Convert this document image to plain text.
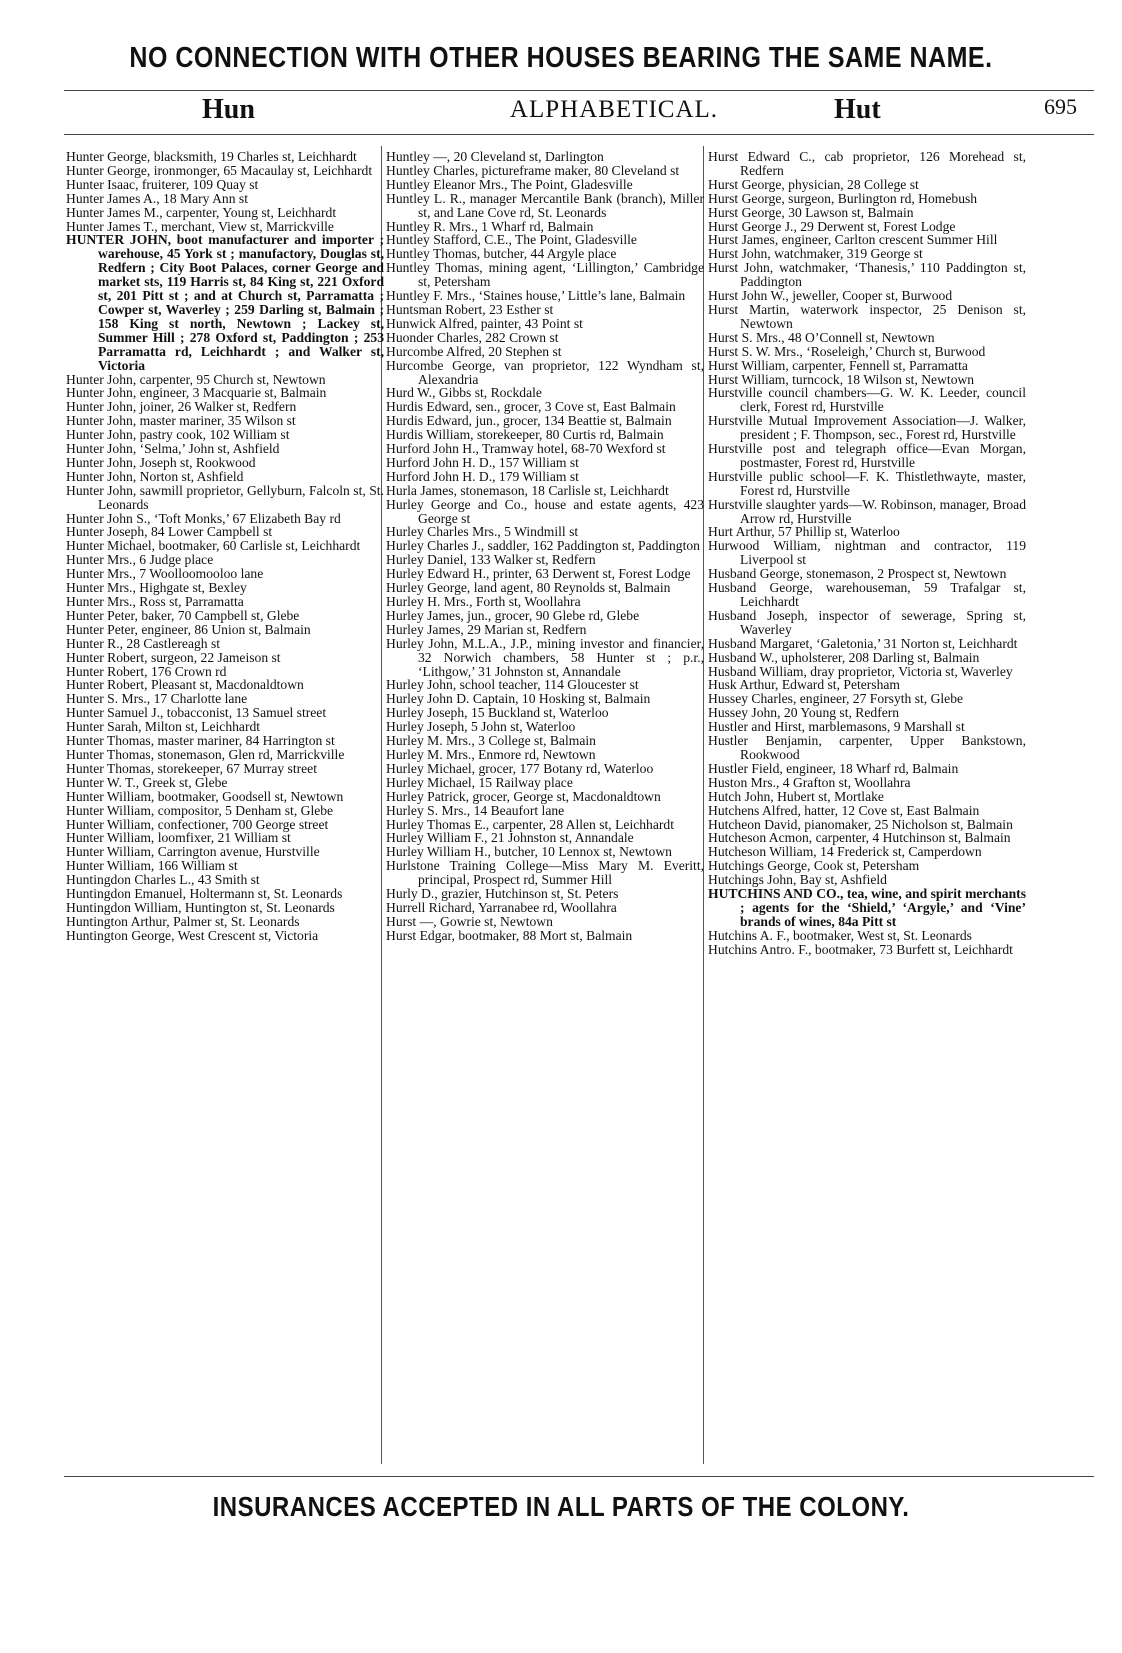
NO CONNECTION WITH OTHER HOUSES BEARING THE SAME NAME.
Hun	ALPHABETICAL.	Hut	695
Hunter George, blacksmith, 19 Charles st, Leichhardt
Hunter George, ironmonger, 65 Macaulay st, Leichhardt
Hunter Isaac, fruiterer, 109 Quay st
Hunter James A., 18 Mary Ann st
Hunter James M., carpenter, Young st, Leichhardt
Hunter James T., merchant, View st, Marrickville
HUNTER JOHN, boot manufacturer and importer ; warehouse, 45 York st ; manufactory, Douglas st, Redfern ; City Boot Palaces, corner George and market sts, 119 Harris st, 84 King st, 221 Oxford st, 201 Pitt st ; and at Church st, Parramatta ; Cowper st, Waverley ; 259 Darling st, Balmain ; 158 King st north, Newtown ; Lackey st, Summer Hill ; 278 Oxford st, Paddington ; 253 Parramatta rd, Leichhardt ; and Walker st, Victoria
Hunter John, carpenter, 95 Church st, Newtown
Hunter John, engineer, 3 Macquarie st, Balmain
Hunter John, joiner, 26 Walker st, Redfern
Hunter John, master mariner, 35 Wilson st
Hunter John, pastry cook, 102 William st
Hunter John, ‘Selma,’ John st, Ashfield
Hunter John, Joseph st, Rookwood
Hunter John, Norton st, Ashfield
Hunter John, sawmill proprietor, Gellyburn, Falcoln st, St. Leonards
Hunter John S., ‘Toft Monks,’ 67 Elizabeth Bay rd
Hunter Joseph, 84 Lower Campbell st
Hunter Michael, bootmaker, 60 Carlisle st, Leichhardt
Hunter Mrs., 6 Judge place
Hunter Mrs., 7 Woolloomooloo lane
Hunter Mrs., Highgate st, Bexley
Hunter Mrs., Ross st, Parramatta
Hunter Peter, baker, 70 Campbell st, Glebe
Hunter Peter, engineer, 86 Union st, Balmain
Hunter R., 28 Castlereagh st
Hunter Robert, surgeon, 22 Jameison st
Hunter Robert, 176 Crown rd
Hunter Robert, Pleasant st, Macdonaldtown
Hunter S. Mrs., 17 Charlotte lane
Hunter Samuel J., tobacconist, 13 Samuel street
Hunter Sarah, Milton st, Leichhardt
Hunter Thomas, master mariner, 84 Harrington st
Hunter Thomas, stonemason, Glen rd, Marrickville
Hunter Thomas, storekeeper, 67 Murray street
Hunter W. T., Greek st, Glebe
Hunter William, bootmaker, Goodsell st, Newtown
Hunter William, compositor, 5 Denham st, Glebe
Hunter William, confectioner, 700 George street
Hunter William, loomfixer, 21 William st
Hunter William, Carrington avenue, Hurstville
Hunter William, 166 William st
Huntingdon Charles L., 43 Smith st
Huntingdon Emanuel, Holtermann st, St. Leonards
Huntingdon William, Huntington st, St. Leonards
Huntington Arthur, Palmer st, St. Leonards
Huntington George, West Crescent st, Victoria
Huntley —, 20 Cleveland st, Darlington
Huntley Charles, pictureframe maker, 80 Cleveland st
Huntley Eleanor Mrs., The Point, Gladesville
Huntley L. R., manager Mercantile Bank (branch), Miller st, and Lane Cove rd, St. Leonards
Huntley R. Mrs., 1 Wharf rd, Balmain
Huntley Stafford, C.E., The Point, Gladesville
Huntley Thomas, butcher, 44 Argyle place
Huntley Thomas, mining agent, ‘Lillington,’ Cambridge st, Petersham
Huntley F. Mrs., ‘Staines house,’ Little’s lane, Balmain
Huntsman Robert, 23 Esther st
Hunwick Alfred, painter, 43 Point st
Huonder Charles, 282 Crown st
Hurcombe Alfred, 20 Stephen st
Hurcombe George, van proprietor, 122 Wyndham st, Alexandria
Hurd W., Gibbs st, Rockdale
Hurdis Edward, sen., grocer, 3 Cove st, East Balmain
Hurdis Edward, jun., grocer, 134 Beattie st, Balmain
Hurdis William, storekeeper, 80 Curtis rd, Balmain
Hurford John H., Tramway hotel, 68-70 Wexford st
Hurford John H. D., 157 William st
Hurford John H. D., 179 William st
Hurla James, stonemason, 18 Carlisle st, Leichhardt
Hurley George and Co., house and estate agents, 423 George st
Hurley Charles Mrs., 5 Windmill st
Hurley Charles J., saddler, 162 Paddington st, Paddington
Hurley Daniel, 133 Walker st, Redfern
Hurley Edward H., printer, 63 Derwent st, Forest Lodge
Hurley George, land agent, 80 Reynolds st, Balmain
Hurley H. Mrs., Forth st, Woollahra
Hurley James, jun., grocer, 90 Glebe rd, Glebe
Hurley James, 29 Marian st, Redfern
Hurley John, M.L.A., J.P., mining investor and financier, 32 Norwich chambers, 58 Hunter st ; p.r., ‘Lithgow,’ 31 Johnston st, Annandale
Hurley John, school teacher, 114 Gloucester st
Hurley John D. Captain, 10 Hosking st, Balmain
Hurley Joseph, 15 Buckland st, Waterloo
Hurley Joseph, 5 John st, Waterloo
Hurley M. Mrs., 3 College st, Balmain
Hurley M. Mrs., Enmore rd, Newtown
Hurley Michael, grocer, 177 Botany rd, Waterloo
Hurley Michael, 15 Railway place
Hurley Patrick, grocer, George st, Macdonaldtown
Hurley S. Mrs., 14 Beaufort lane
Hurley Thomas E., carpenter, 28 Allen st, Leichhardt
Hurley William F., 21 Johnston st, Annandale
Hurley William H., butcher, 10 Lennox st, Newtown
Hurlstone Training College—Miss Mary M. Everitt, principal, Prospect rd, Summer Hill
Hurly D., grazier, Hutchinson st, St. Peters
Hurrell Richard, Yarranabee rd, Woollahra
Hurst —, Gowrie st, Newtown
Hurst Edgar, bootmaker, 88 Mort st, Balmain
Hurst Edward C., cab proprietor, 126 Morehead st, Redfern
Hurst George, physician, 28 College st
Hurst George, surgeon, Burlington rd, Homebush
Hurst George, 30 Lawson st, Balmain
Hurst George J., 29 Derwent st, Forest Lodge
Hurst James, engineer, Carlton crescent Summer Hill
Hurst John, watchmaker, 319 George st
Hurst John, watchmaker, ‘Thanesis,’ 110 Paddington st, Paddington
Hurst John W., jeweller, Cooper st, Burwood
Hurst Martin, waterwork inspector, 25 Denison st, Newtown
Hurst S. Mrs., 48 O’Connell st, Newtown
Hurst S. W. Mrs., ‘Roseleigh,’ Church st, Burwood
Hurst William, carpenter, Fennell st, Parramatta
Hurst William, turncock, 18 Wilson st, Newtown
Hurstville council chambers—G. W. K. Leeder, council clerk, Forest rd, Hurstville
Hurstville Mutual Improvement Association—J. Walker, president ; F. Thompson, sec., Forest rd, Hurstville
Hurstville post and telegraph office—Evan Morgan, postmaster, Forest rd, Hurstville
Hurstville public school—F. K. Thistlethwayte, master, Forest rd, Hurstville
Hurstville slaughter yards—W. Robinson, manager, Broad Arrow rd, Hurstville
Hurt Arthur, 57 Phillip st, Waterloo
Hurwood William, nightman and contractor, 119 Liverpool st
Husband George, stonemason, 2 Prospect st, Newtown
Husband George, warehouseman, 59 Trafalgar st, Leichhardt
Husband Joseph, inspector of sewerage, Spring st, Waverley
Husband Margaret, ‘Galetonia,’ 31 Norton st, Leichhardt
Husband W., upholsterer, 208 Darling st, Balmain
Husband William, dray proprietor, Victoria st, Waverley
Husk Arthur, Edward st, Petersham
Hussey Charles, engineer, 27 Forsyth st, Glebe
Hussey John, 20 Young st, Redfern
Hustler and Hirst, marblemasons, 9 Marshall st
Hustler Benjamin, carpenter, Upper Bankstown, Rookwood
Hustler Field, engineer, 18 Wharf rd, Balmain
Huston Mrs., 4 Grafton st, Woollahra
Hutch John, Hubert st, Mortlake
Hutchens Alfred, hatter, 12 Cove st, East Balmain
Hutcheon David, pianomaker, 25 Nicholson st, Balmain
Hutcheson Acmon, carpenter, 4 Hutchinson st, Balmain
Hutcheson William, 14 Frederick st, Camperdown
Hutchings George, Cook st, Petersham
Hutchings John, Bay st, Ashfield
HUTCHINS AND CO., tea, wine, and spirit merchants ; agents for the ‘Shield,’ ‘Argyle,’ and ‘Vine’ brands of wines, 84a Pitt st
Hutchins A. F., bootmaker, West st, St. Leonards
Hutchins Antro. F., bootmaker, 73 Burfett st, Leichhardt
INSURANCES ACCEPTED IN ALL PARTS OF THE COLONY.
